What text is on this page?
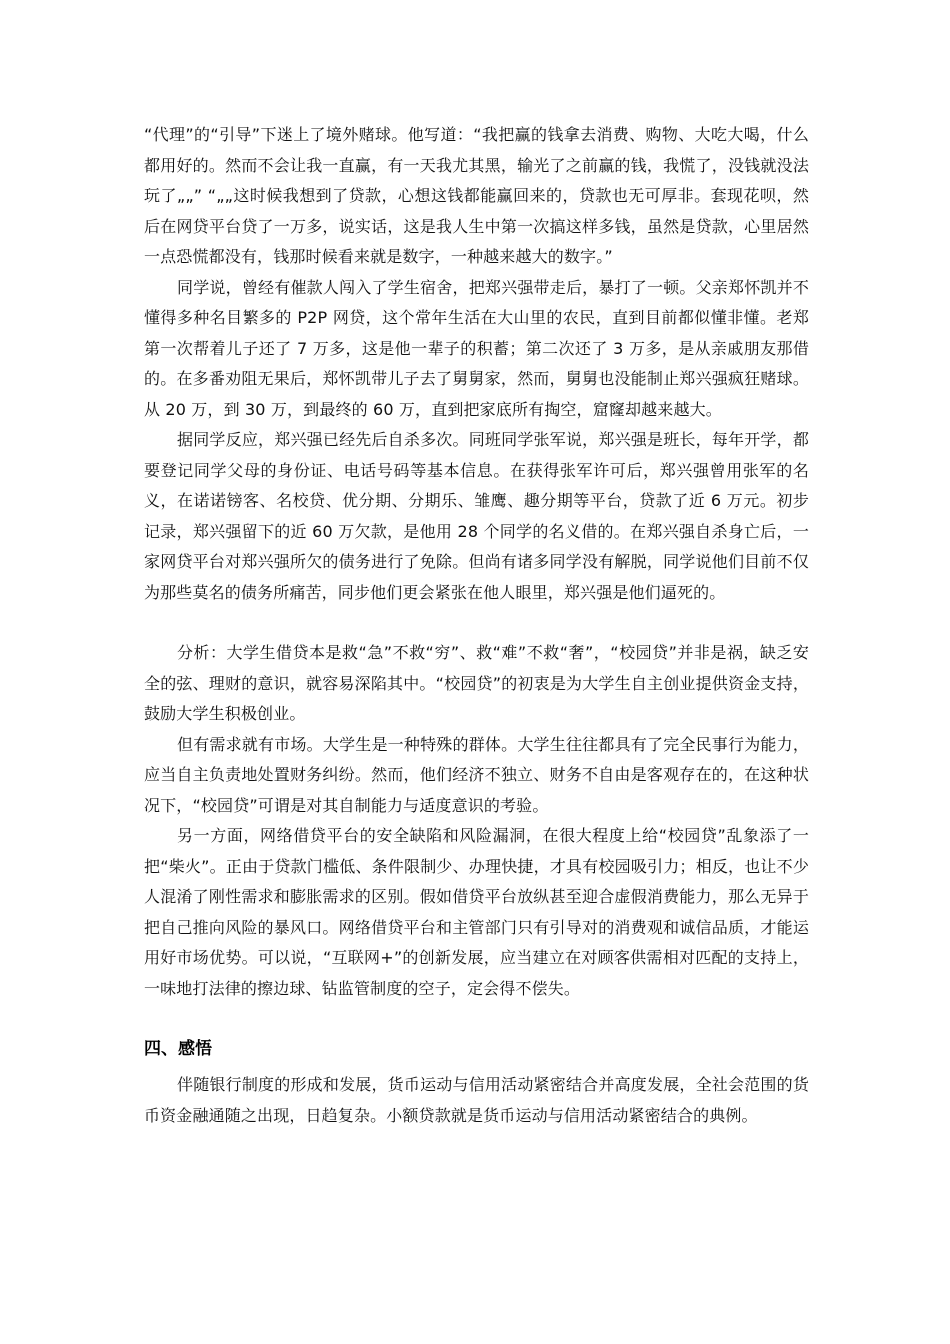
“代理”的“引导”下迷上了境外赌球。他写道：“我把赢的钱拿去消费、购物、大吃大喝，什么都用好的。然而不会让我一直赢，有一天我尤其黑，输光了之前赢的钱，我慌了，没钱就没法玩了„„” “„„这时候我想到了贷款，心想这钱都能赢回来的，贷款也无可厚非。套现花呗，然后在网贷平台贷了一万多，说实话，这是我人生中第一次搞这样多钱，虽然是贷款，心里居然一点恐慌都没有，钱那时候看来就是数字，一种越来越大的数字。”

同学说，曾经有催款人闯入了学生宿舍，把郑兴强带走后，暴打了一顿。父亲郑怀凯并不懂得多种名目繁多的 P2P 网贷，这个常年生活在大山里的农民，直到目前都似懂非懂。老郑第一次帮着儿子还了 7 万多，这是他一辈子的积蓄；第二次还了 3 万多，是从亲戚朋友那借的。在多番劝阻无果后，郑怀凯带儿子去了舅舅家，然而，舅舅也没能制止郑兴强疯狂赌球。从 20 万，到 30 万，到最终的 60 万，直到把家底所有掏空，窟窿却越来越大。

据同学反应，郑兴强已经先后自杀多次。同班同学张军说，郑兴强是班长，每年开学，都要登记同学父母的身份证、电话号码等基本信息。在获得张军许可后，郑兴强曾用张军的名义，在诺诺镑客、名校贷、优分期、分期乐、雏鹰、趣分期等平台，贷款了近 6 万元。初步记录，郑兴强留下的近 60 万欠款，是他用 28 个同学的名义借的。在郑兴强自杀身亡后，一家网贷平台对郑兴强所欠的债务进行了免除。但尚有诸多同学没有解脱，同学说他们目前不仅为那些莫名的债务所痛苦，同步他们更会紧张在他人眼里，郑兴强是他们逼死的。

分析：大学生借贷本是救“急”不救“穷”、救“难”不救“奢”，“校园贷”并非是祸，缺乏安全的弦、理财的意识，就容易深陷其中。“校园贷”的初衷是为大学生自主创业提供资金支持，鼓励大学生积极创业。

但有需求就有市场。大学生是一种特殊的群体。大学生往往都具有了完全民事行为能力，应当自主负责地处置财务纠纷。然而，他们经济不独立、财务不自由是客观存在的，在这种状况下，“校园贷”可谓是对其自制能力与适度意识的考验。

另一方面，网络借贷平台的安全缺陷和风险漏洞，在很大程度上给“校园贷”乱象添了一把“柴火”。正由于贷款门槛低、条件限制少、办理快捷，才具有校园吸引力；相反，也让不少人混淆了刚性需求和膨胀需求的区别。假如借贷平台放纵甚至迎合虚假消费能力，那么无异于把自己推向风险的暴风口。网络借贷平台和主管部门只有引导对的消费观和诚信品质，才能运用好市场优势。可以说，“互联网+”的创新发展，应当建立在对顾客供需相对匹配的支持上，一味地打法律的擦边球、钻监管制度的空子，定会得不偿失。

四、感悟

伴随银行制度的形成和发展，货币运动与信用活动紧密结合并高度发展，全社会范围的货币资金融通随之出现，日趋复杂。小额贷款就是货币运动与信用活动紧密结合的典例。
